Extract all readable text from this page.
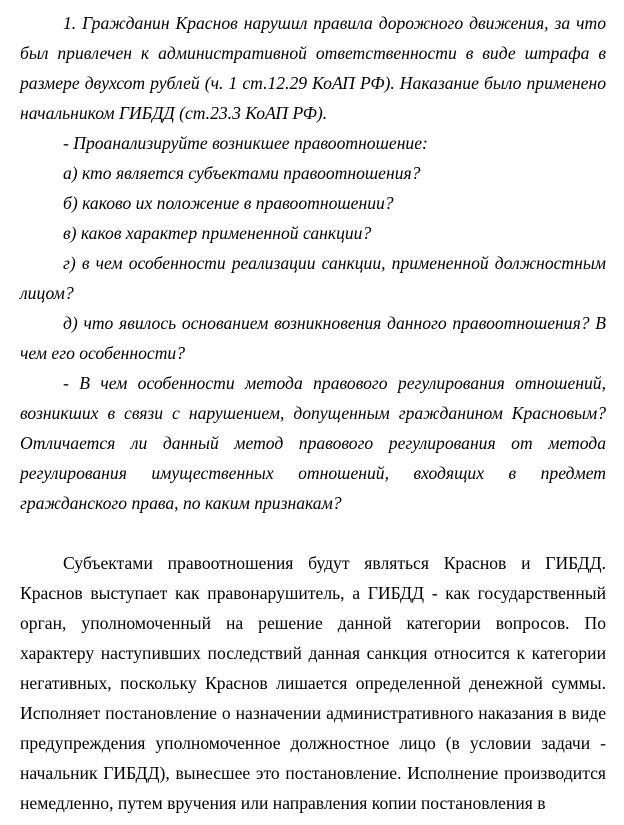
1. Гражданин Краснов нарушил правила дорожного движения, за что был привлечен к административной ответственности в виде штрафа в размере двухсот рублей (ч. 1 ст.12.29 КоАП РФ). Наказание было применено начальником ГИБДД (ст.23.3 КоАП РФ).

- Проанализируйте возникшее правоотношение:

а) кто является субъектами правоотношения?

б) каково их положение в правоотношении?

в) каков характер примененной санкции?

г) в чем особенности реализации санкции, примененной должностным лицом?

д) что явилось основанием возникновения данного правоотношения? В чем его особенности?

- В чем особенности метода правового регулирования отношений, возникших в связи с нарушением, допущенным гражданином Красновым? Отличается ли данный метод правового регулирования от метода регулирования имущественных отношений, входящих в предмет гражданского права, по каким признакам?

Субъектами правоотношения будут являться Краснов и ГИБДД. Краснов выступает как правонарушитель, а ГИБДД - как государственный орган, уполномоченный на решение данной категории вопросов. По характеру наступивших последствий данная санкция относится к категории негативных, поскольку Краснов лишается определенной денежной суммы. Исполняет постановление о назначении административного наказания в виде предупреждения уполномоченное должностное лицо (в условии задачи - начальник ГИБДД), вынесшее это постановление. Исполнение производится немедленно, путем вручения или направления копии постановления в
